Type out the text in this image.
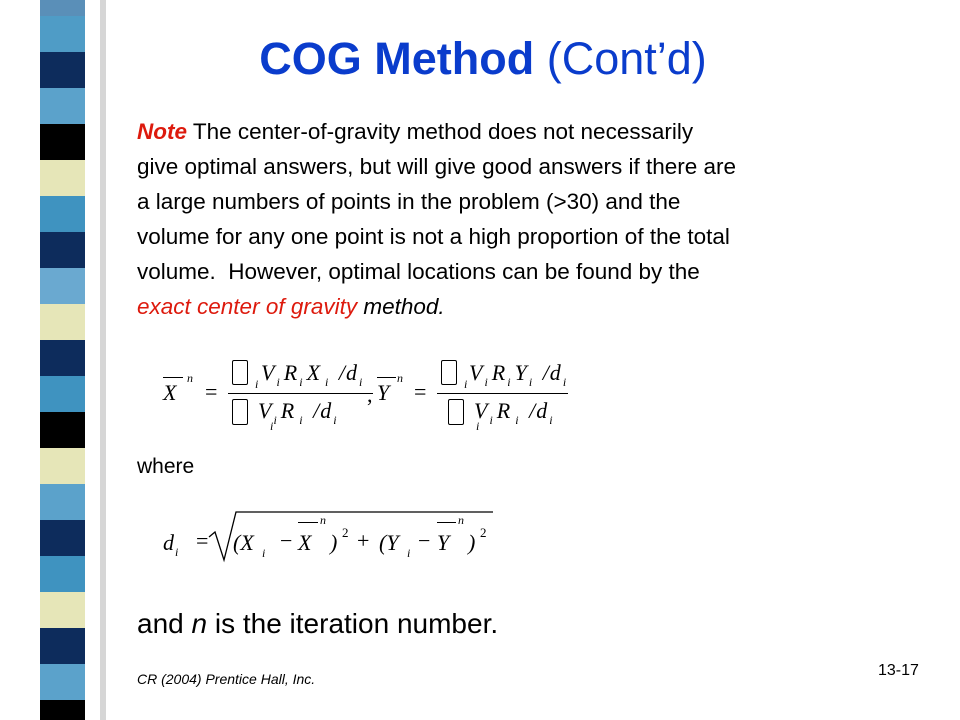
COG Method (Cont’d)
Note The center-of-gravity method does not necessarily
give optimal answers, but will give good answers if there are
a large numbers of points in the problem (>30) and the
volume for any one point is not a high proportion of the total
volume.  However, optimal locations can be found by the
exact center of gravity method.
X
n
=	i $V_i$ $R_i$ X $_i$ $/d_i$
i
$V_i$ R $_i$ $/d_i$
, Y
n
=	i $V_i$ $R_i$ $Y_i$ $/d_i$
i
$V_i$ R $_i$ $/d_i$
where
d i = (X i − X
n
) 2 + (Y i − Y
n
) 2
and n is the iteration number.
CR (2004) Prentice Hall, Inc.	13-17
